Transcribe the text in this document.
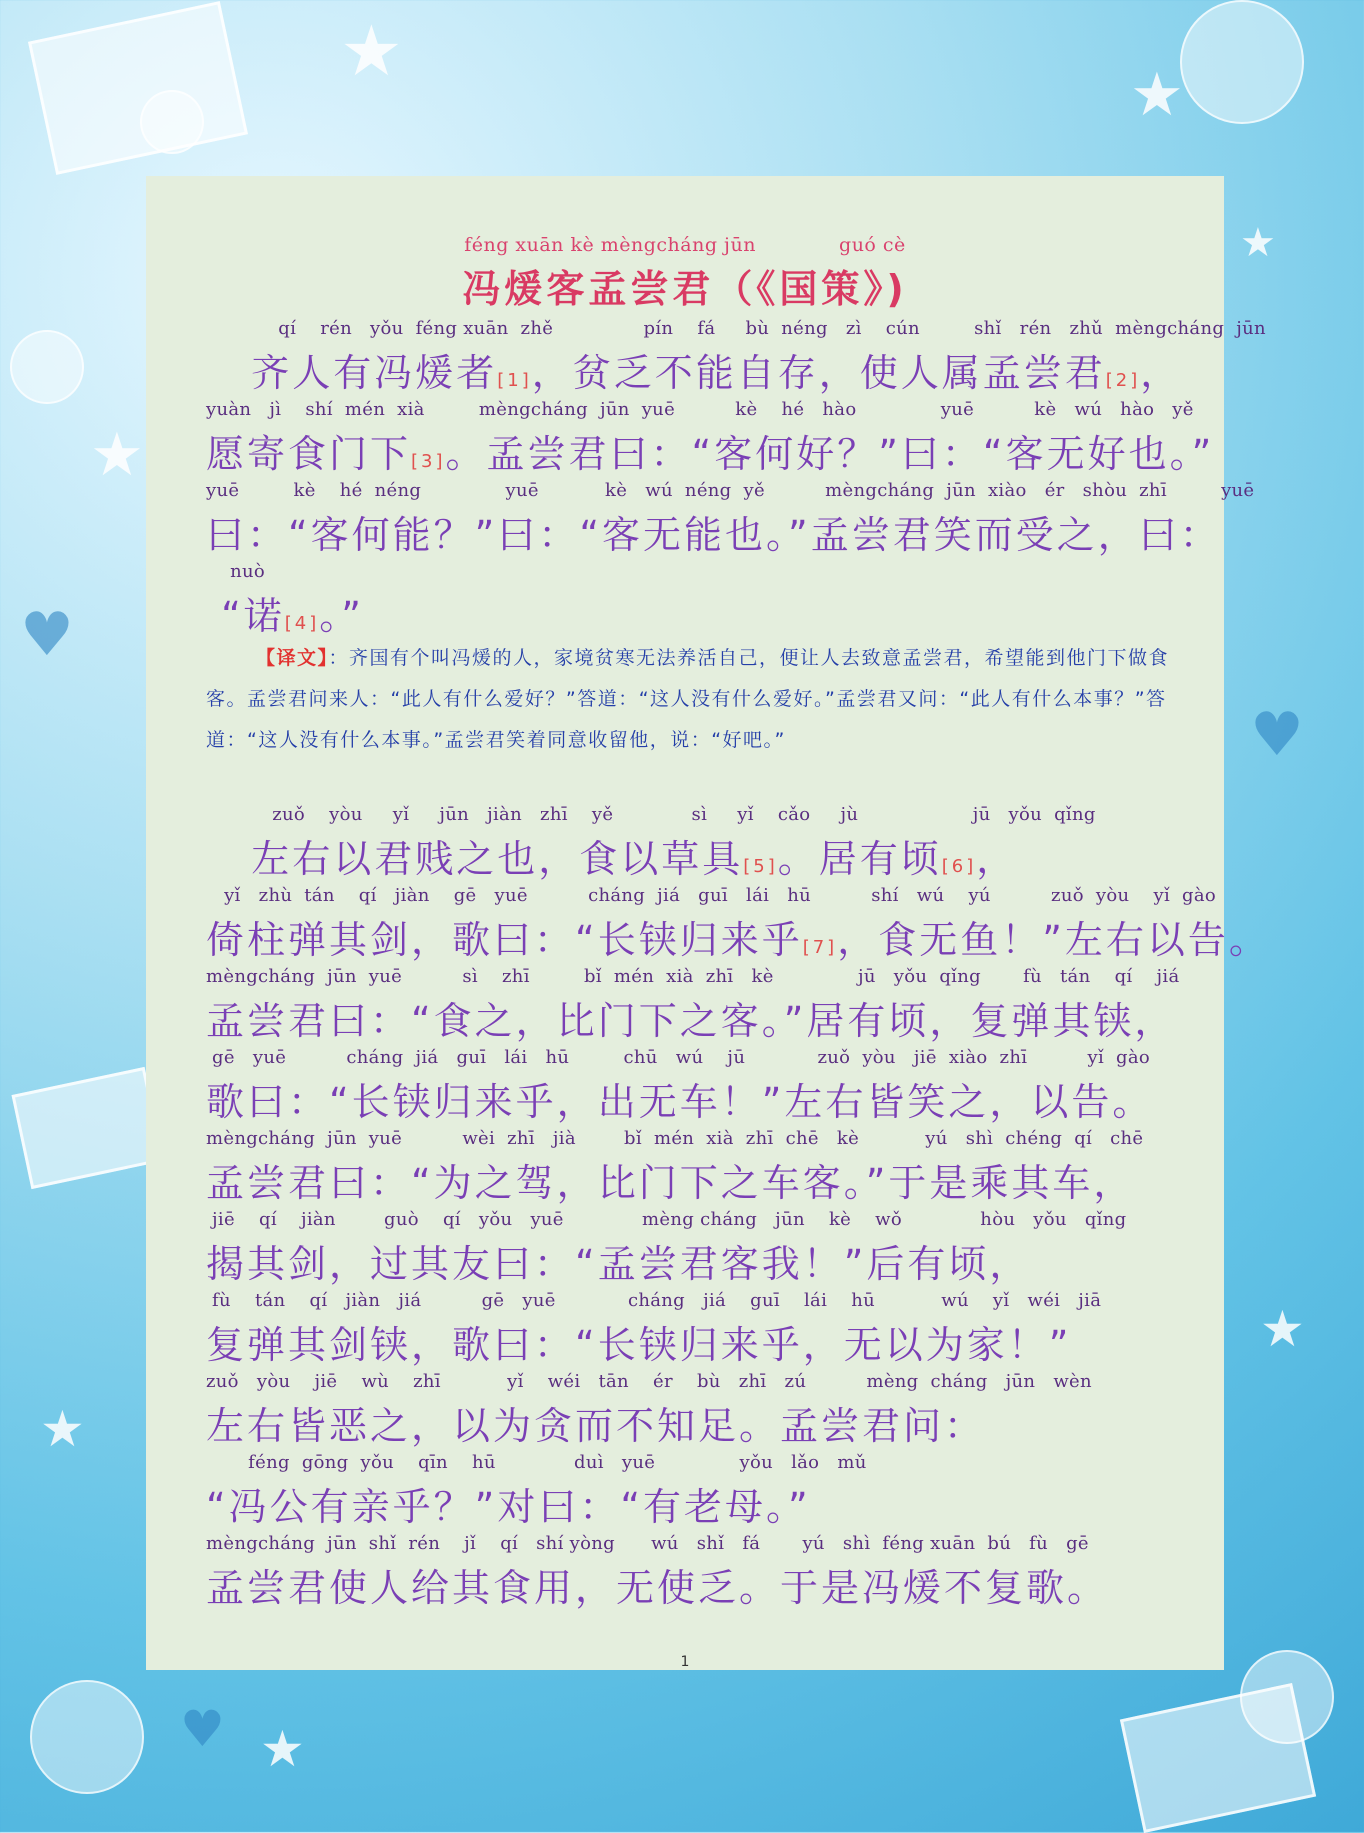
★
★
★
★
★
★
★
♥
♥
♥
féng xuān kè mèngcháng jūn	guó cè
冯煖客孟尝君（《国策》)
qí    rén   yǒu  féng xuān  zhě               pín    fá     bù  néng   zì    cún         shǐ   rén   zhǔ  mèngcháng  jūn
齐人有冯煖者[1]，贫乏不能自存，使人属孟尝君[2]，
yuàn   jì    shí  mén  xià         mèngcháng  jūn  yuē          kè    hé   hào              yuē          kè   wú   hào   yě
愿寄食门下[3]。孟尝君曰：“客何好？”曰：“客无好也。”
yuē         kè    hé  néng              yuē           kè   wú  néng  yě          mèngcháng  jūn  xiào   ér   shòu  zhī         yuē
曰：“客何能？”曰：“客无能也。”孟尝君笑而受之，曰：
nuò
“诺[4]。”
【译文】：齐国有个叫冯煖的人，家境贫寒无法养活自己，便让人去致意孟尝君，希望能到他门下做食客。孟尝君问来人：“此人有什么爱好？”答道：“这人没有什么爱好。”孟尝君又问：“此人有什么本事？”答道：“这人没有什么本事。”孟尝君笑着同意收留他，说：“好吧。”
zuǒ    yòu     yǐ     jūn   jiàn   zhī    yě             sì     yǐ    cǎo     jù                   jū   yǒu  qǐng
左右以君贱之也，食以草具[5]。居有顷[6]，
yǐ   zhù  tán    qí   jiàn    gē   yuē          cháng  jiá   guī   lái   hū          shí   wú    yú          zuǒ  yòu    yǐ  gào
倚柱弹其剑，歌曰：“长铗归来乎[7]，食无鱼！”左右以告。
mèngcháng  jūn  yuē          sì    zhī         bǐ  mén  xià  zhī   kè              jū   yǒu  qǐng       fù   tán    qí    jiá
孟尝君曰：“食之，比门下之客。”居有顷，复弹其铗，
gē   yuē          cháng  jiá   guī   lái   hū         chū   wú    jū            zuǒ  yòu   jiē  xiào  zhī          yǐ  gào
歌曰：“长铗归来乎，出无车！”左右皆笑之，以告。
mèngcháng  jūn  yuē          wèi  zhī   jià        bǐ  mén  xià  zhī  chē   kè           yú   shì  chéng  qí   chē
孟尝君曰：“为之驾，比门下之车客。”于是乘其车，
jiē    qí    jiàn        guò    qí   yǒu   yuē             mèng cháng   jūn    kè    wǒ             hòu   yǒu   qǐng
揭其剑，过其友曰：“孟尝君客我！”后有顷，
fù    tán    qí   jiàn   jiá          gē   yuē            cháng   jiá    guī    lái    hū           wú    yǐ   wéi   jiā
复弹其剑铗，歌曰：“长铗归来乎，无以为家！”
zuǒ   yòu    jiē    wù    zhī           yǐ    wéi   tān    ér    bù   zhī   zú          mèng  cháng   jūn   wèn
左右皆恶之，以为贪而不知足。孟尝君问：
féng  gōng  yǒu    qīn    hū             duì   yuē              yǒu   lǎo   mǔ
“冯公有亲乎？”对曰：“有老母。”
mèngcháng  jūn  shǐ  rén    jǐ    qí   shí yòng      wú   shǐ   fá       yú   shì  féng xuān  bú   fù   gē
孟尝君使人给其食用，无使乏。于是冯煖不复歌。
1
